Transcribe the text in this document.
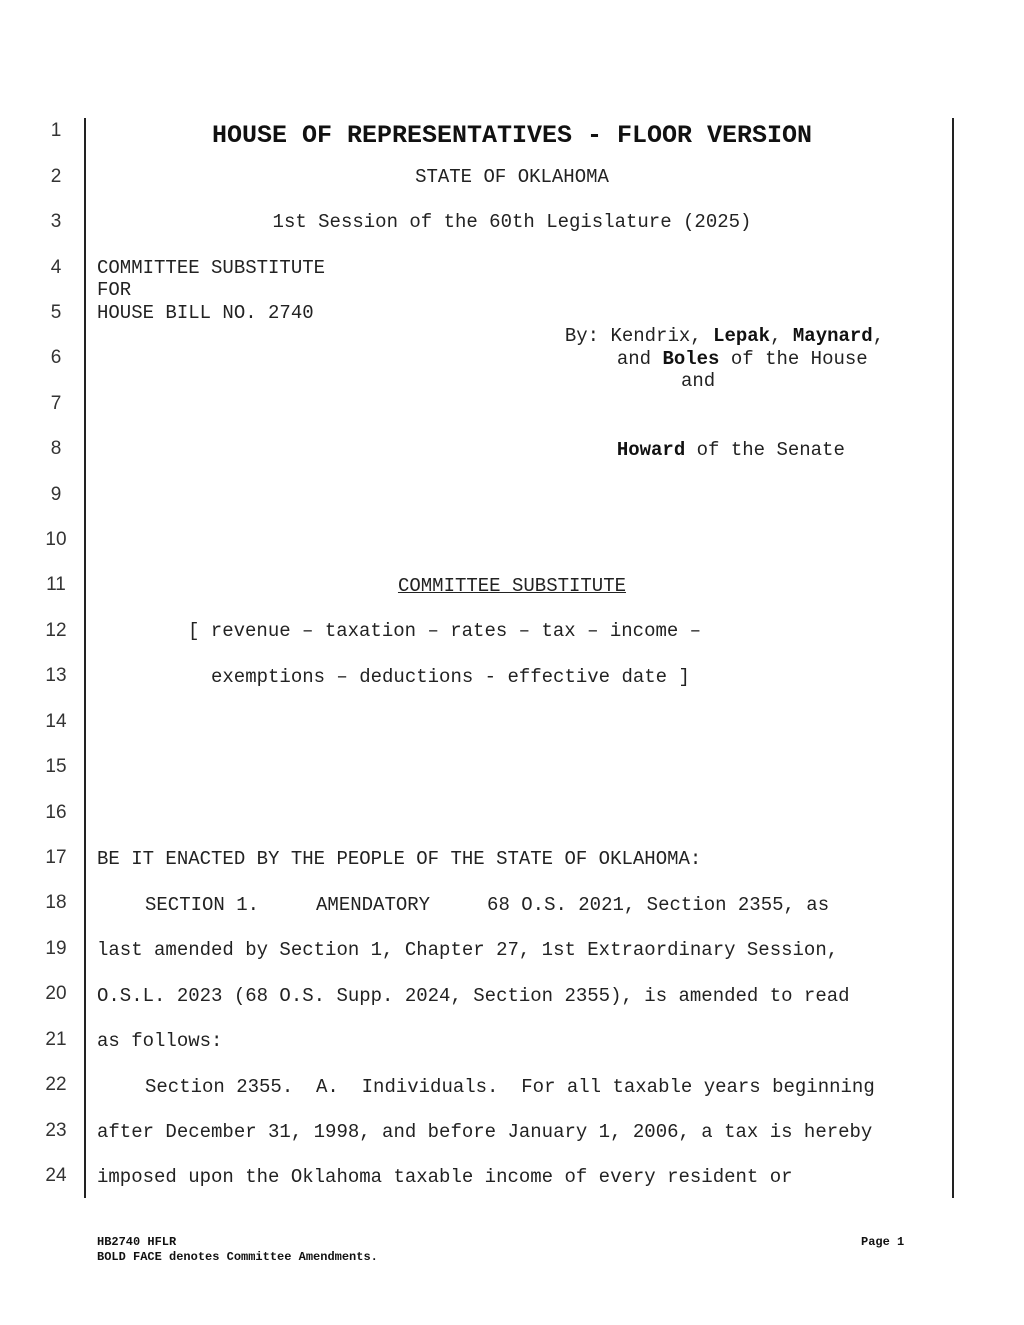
1
2
3
4
5
6
7
8
9
10
11
12
13
14
15
16
17
18
19
20
21
22
23
24
HOUSE OF REPRESENTATIVES - FLOOR VERSION
STATE OF OKLAHOMA
1st Session of the 60th Legislature (2025)
COMMITTEE SUBSTITUTE
FOR
HOUSE BILL NO. 2740

By: Kendrix, Lepak, Maynard,

and Boles of the House

and

Howard of the Senate

COMMITTEE SUBSTITUTE
[ revenue – taxation – rates – tax – income –
exemptions – deductions - effective date ]
BE IT ENACTED BY THE PEOPLE OF THE STATE OF OKLAHOMA:
SECTION 1.     AMENDATORY     68 O.S. 2021, Section 2355, as
last amended by Section 1, Chapter 27, 1st Extraordinary Session,
O.S.L. 2023 (68 O.S. Supp. 2024, Section 2355), is amended to read
as follows:
Section 2355.  A.  Individuals.  For all taxable years beginning
after December 31, 1998, and before January 1, 2006, a tax is hereby
imposed upon the Oklahoma taxable income of every resident or
HB2740 HFLR
BOLD FACE denotes Committee Amendments.
Page 1
